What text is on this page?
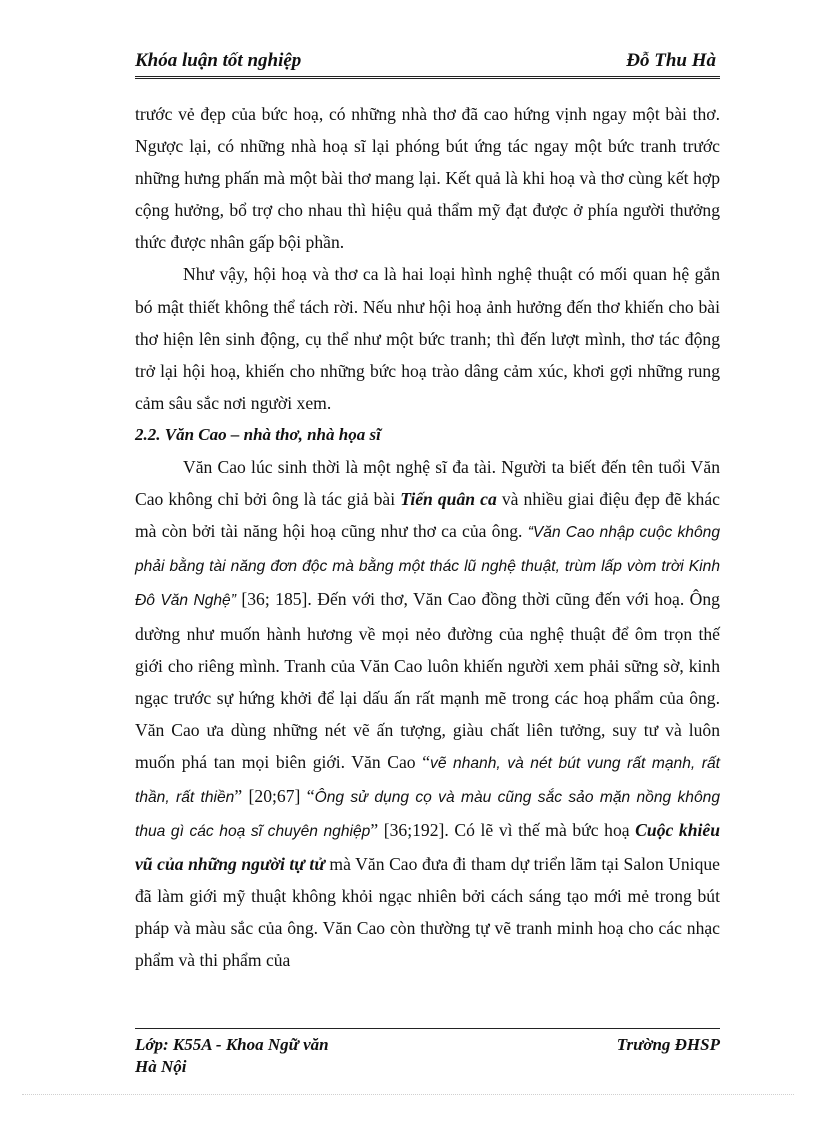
Khóa luận tốt nghiệp	Đỗ Thu Hà

trước vẻ đẹp của bức hoạ, có những nhà thơ đã cao hứng vịnh ngay một bài thơ. Ngược lại, có những nhà hoạ sĩ lại phóng bút ứng tác ngay một bức tranh trước những hưng phấn mà một bài thơ mang lại. Kết quả là khi hoạ và thơ cùng kết hợp cộng hưởng, bổ trợ cho nhau thì hiệu quả thẩm mỹ đạt được ở phía người thưởng thức được nhân gấp bội phần.

Như vậy, hội hoạ và thơ ca là hai loại hình nghệ thuật có mối quan hệ gắn bó mật thiết không thể tách rời. Nếu như hội hoạ ảnh hưởng đến thơ khiến cho bài thơ hiện lên sinh động, cụ thể như một bức tranh; thì đến lượt mình, thơ tác động trở lại hội hoạ, khiến cho những bức hoạ trào dâng cảm xúc, khơi gợi những rung cảm sâu sắc nơi người xem.

2.2. Văn Cao – nhà thơ, nhà họa sĩ

Văn Cao lúc sinh thời là một nghệ sĩ đa tài. Người ta biết đến tên tuổi Văn Cao không chỉ bởi ông là tác giả bài Tiến quân ca và nhiều giai điệu đẹp đẽ khác mà còn bởi tài năng hội hoạ cũng như thơ ca của ông. “Văn Cao nhập cuộc không phải bằng tài năng đơn độc mà bằng một thác lũ nghệ thuật, trùm lấp vòm trời Kinh Đô Văn Nghệ” [36; 185]. Đến với thơ, Văn Cao đồng thời cũng đến với hoạ. Ông dường như muốn hành hương về mọi nẻo đường của nghệ thuật để ôm trọn thế giới cho riêng mình. Tranh của Văn Cao luôn khiến người xem phải sững sờ, kinh ngạc trước sự hứng khởi để lại dấu ấn rất mạnh mẽ trong các hoạ phẩm của ông. Văn Cao ưa dùng những nét vẽ ấn tượng, giàu chất liên tưởng, suy tư và luôn muốn phá tan mọi biên giới. Văn Cao “vẽ nhanh, và nét bút vung rất mạnh, rất thần, rất thiền” [20;67] “Ông sử dụng cọ và màu cũng sắc sảo mặn nồng không thua gì các hoạ sĩ chuyên nghiệp” [36;192]. Có lẽ vì thế mà bức hoạ Cuộc khiêu vũ của những người tự tử mà Văn Cao đưa đi tham dự triển lãm tại Salon Unique đã làm giới mỹ thuật không khỏi ngạc nhiên bởi cách sáng tạo mới mẻ trong bút pháp và màu sắc của ông. Văn Cao còn thường tự vẽ tranh minh hoạ cho các nhạc phẩm và thi phẩm của

Lớp: K55A - Khoa Ngữ văn
Hà Nội
Trường ĐHSP
